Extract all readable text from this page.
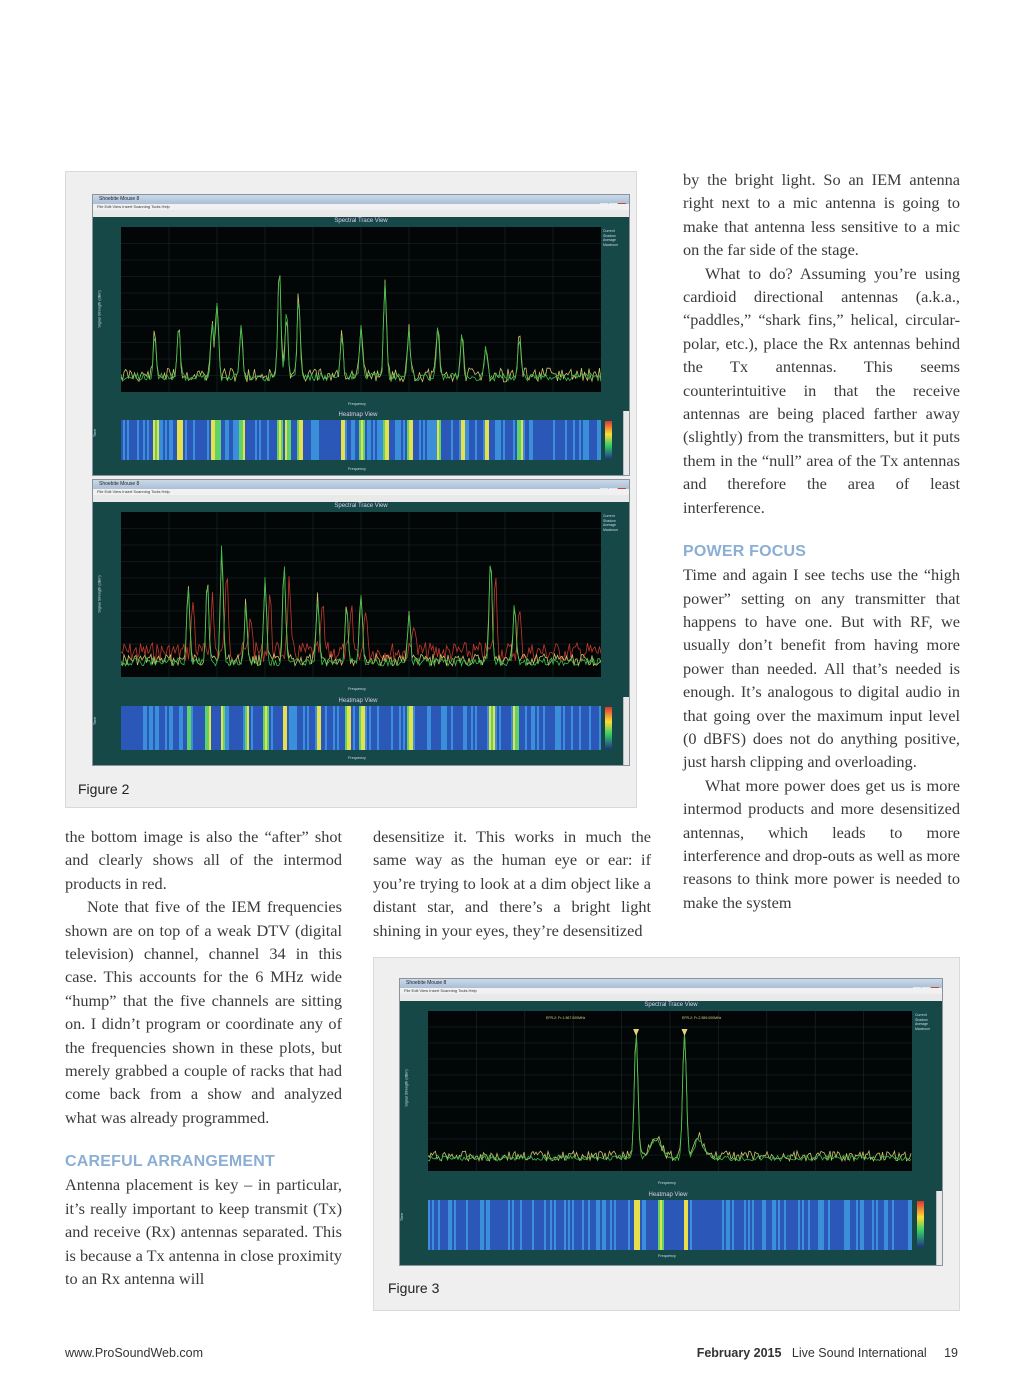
Shoebite Mouse 8
File Edit View Insert Scanning Tools Help
Spectral Trace View
Signal Strength (dBm)
Current
Shadow
Average
Maximum
Frequency
Heatmap View
Time
Frequency
Shoebite Mouse 8
File Edit View Insert Scanning Tools Help
Spectral Trace View
Signal Strength (dBm)
Current
Shadow
Average
Maximum
Frequency
Heatmap View
Time
Frequency
Figure 2

by the bright light. So an IEM antenna right next to a mic antenna is going to make that antenna less sensitive to a mic on the far side of the stage.

What to do? Assuming you’re using cardioid directional antennas (a.k.a., “paddles,” “shark fins,” helical, circular-polar, etc.), place the Rx antennas behind the Tx antennas. This seems counterintuitive in that the receive antennas are being placed farther away (slightly) from the transmitters, but it puts them in the “null” area of the Tx antennas and therefore the area of least interference.

POWER FOCUS

Time and again I see techs use the “high power” setting on any transmitter that happens to have one. But with RF, we usually don’t benefit from having more power than needed. All that’s needed is enough. It’s analogous to digital audio in that going over the maximum input level (0 dBFS) does not do anything positive, just harsh clipping and overloading.

What more power does get us is more intermod products and more desensitized antennas, which leads to more interference and drop-outs as well as more reasons to think more power is needed to make the system

the bottom image is also the “after” shot and clearly shows all of the intermod products in red.

Note that five of the IEM frequencies shown are on top of a weak DTV (digital television) channel, channel 34 in this case. This accounts for the 6 MHz wide “hump” that the five channels are sitting on. I didn’t program or coordinate any of the frequencies shown in these plots, but merely grabbed a couple of racks that had come back from a show and analyzed what was already programmed.

CAREFUL ARRANGEMENT

Antenna placement is key – in particular, it’s really important to keep transmit (Tx) and receive (Rx) antennas separated. This is because a Tx antenna in close proximity to an Rx antenna will

desensitize it. This works in much the same way as the human eye or ear: if you’re trying to look at a dim object like a distant star, and there’s a bright light shining in your eyes, they’re desensitized

Shoebite Mouse 8
File Edit View Insert Scanning Tools Help
Spectral Trace View
Signal Strength (dBm)
EFR-2: Fr-1.567.000MHz	EFR-2: Fr-2.559.000MHz
Current
Shadow
Average
Maximum
Frequency
Heatmap View
Time
Frequency
Figure 3
www.ProSoundWeb.com	February 2015 Live Sound International 19
